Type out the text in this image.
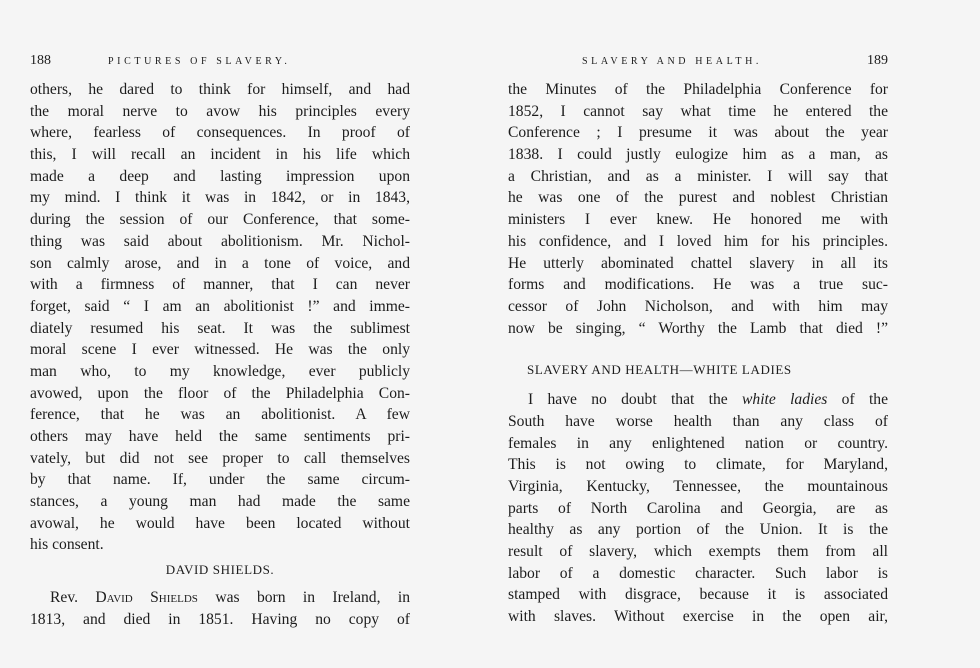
188	PICTURES OF SLAVERY.
others, he dared to think for himself, and had
the moral nerve to avow his principles every
where, fearless of consequences. In proof of
this, I will recall an incident in his life which
made a deep and lasting impression upon
my mind. I think it was in 1842, or in 1843,
during the session of our Conference, that some-
thing was said about abolitionism. Mr. Nichol-
son calmly arose, and in a tone of voice, and
with a firmness of manner, that I can never
forget, said “ I am an abolitionist !” and imme-
diately resumed his seat. It was the sublimest
moral scene I ever witnessed. He was the only
man who, to my knowledge, ever publicly
avowed, upon the floor of the Philadelphia Con-
ference, that he was an abolitionist. A few
others may have held the same sentiments pri-
vately, but did not see proper to call themselves
by that name. If, under the same circum-
stances, a young man had made the same
avowal, he would have been located without
his consent.
DAVID SHIELDS.
Rev. David Shields was born in Ireland, in
1813, and died in 1851. Having no copy of
SLAVERY AND HEALTH.	189
the Minutes of the Philadelphia Conference for
1852, I cannot say what time he entered the
Conference ; I presume it was about the year
1838. I could justly eulogize him as a man, as
a Christian, and as a minister. I will say that
he was one of the purest and noblest Christian
ministers I ever knew. He honored me with
his confidence, and I loved him for his principles.
He utterly abominated chattel slavery in all its
forms and modifications. He was a true suc-
cessor of John Nicholson, and with him may
now be singing, “ Worthy the Lamb that died !”
SLAVERY AND HEALTH—WHITE LADIES
I have no doubt that the white ladies of the
South have worse health than any class of
females in any enlightened nation or country.
This is not owing to climate, for Maryland,
Virginia, Kentucky, Tennessee, the mountainous
parts of North Carolina and Georgia, are as
healthy as any portion of the Union. It is the
result of slavery, which exempts them from all
labor of a domestic character. Such labor is
stamped with disgrace, because it is associated
with slaves. Without exercise in the open air,
